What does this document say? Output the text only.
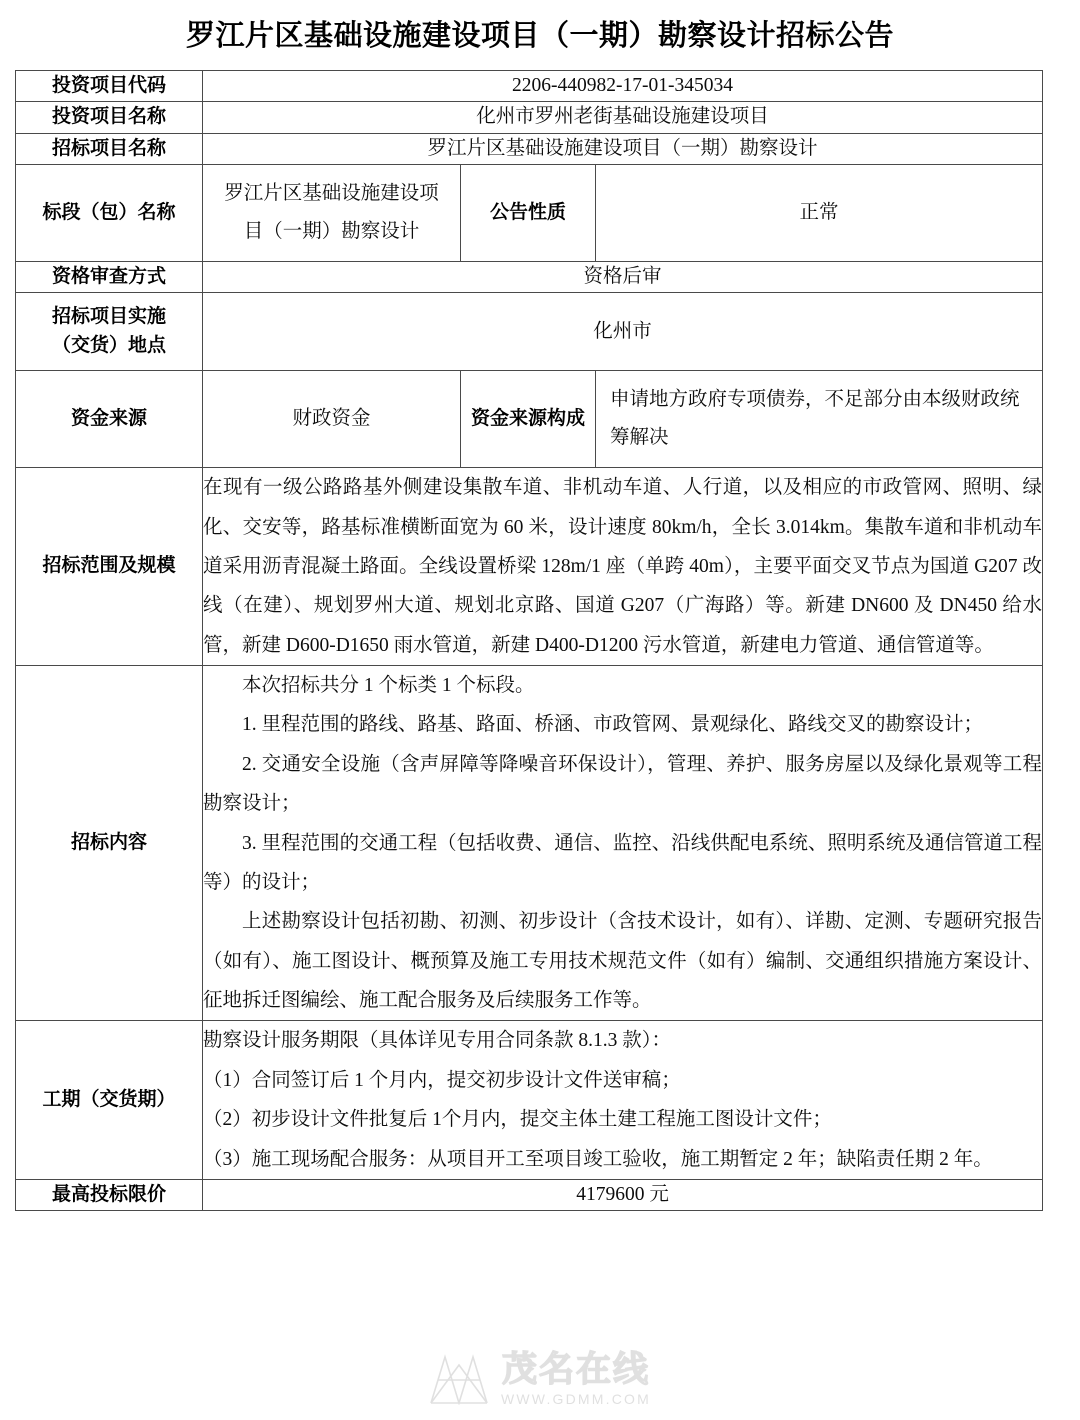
罗江片区基础设施建设项目（一期）勘察设计招标公告
投资项目代码	2206-440982-17-01-345034		
投资项目名称	化州市罗州老街基础设施建设项目		
招标项目名称	罗江片区基础设施建设项目（一期）勘察设计		
标段（包）名称	罗江片区基础设施建设项目（一期）勘察设计	公告性质	正常
资格审查方式	资格后审		

招标项目实施
（交货）地点	化州市		
资金来源	财政资金	资金来源构成	申请地方政府专项债券，不足部分由本级财政统筹解决
招标范围及规模	在现有一级公路路基外侧建设集散车道、非机动车道、人行道，以及相应的市政管网、照明、绿化、交安等，路基标准横断面宽为 60 米，设计速度 80km/h，全长 3.014km。集散车道和非机动车道采用沥青混凝土路面。全线设置桥梁 128m/1 座（单跨 40m），主要平面交叉节点为国道 G207 改线（在建）、规划罗州大道、规划北京路、国道 G207（广海路）等。新建 DN600 及 DN450 给水管，新建 D600-D1650 雨水管道，新建 D400-D1200 污水管道，新建电力管道、通信管道等。		

招标内容	本次招标共分 1 个标类 1 个标段。

1. 里程范围的路线、路基、路面、桥涵、市政管网、景观绿化、路线交叉的勘察设计；

2. 交通安全设施（含声屏障等降噪音环保设计），管理、养护、服务房屋以及绿化景观等工程勘察设计；

3. 里程范围的交通工程（包括收费、通信、监控、沿线供配电系统、照明系统及通信管道工程等）的设计；

上述勘察设计包括初勘、初测、初步设计（含技术设计，如有）、详勘、定测、专题研究报告（如有）、施工图设计、概预算及施工专用技术规范文件（如有）编制、交通组织措施方案设计、征地拆迁图编绘、施工配合服务及后续服务工作等。		

工期（交货期）	勘察设计服务期限（具体详见专用合同条款 8.1.3 款）：

（1）合同签订后 1 个月内，提交初步设计文件送审稿；

（2）初步设计文件批复后 1个月内，提交主体土建工程施工图设计文件；

（3）施工现场配合服务：从项目开工至项目竣工验收，施工期暂定 2 年；缺陷责任期 2 年。		

最高投标限价	4179600 元		
茂名在线
WWW.GDMM.COM
